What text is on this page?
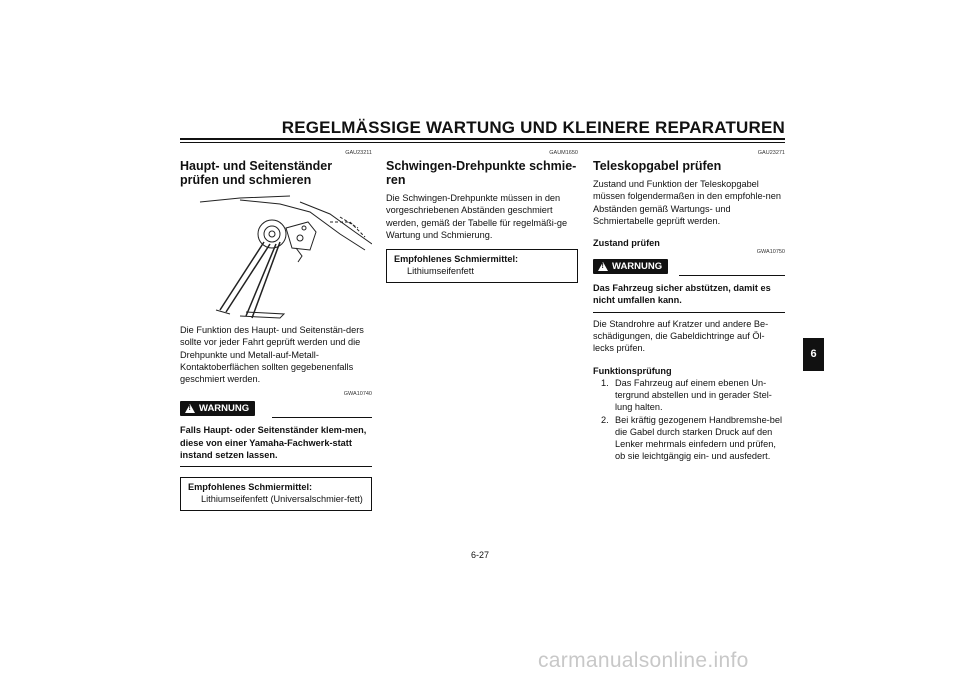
REGELMÄSSIGE WARTUNG UND KLEINERE REPARATUREN
GAU23211
Haupt- und Seitenständer prüfen und schmieren

Die Funktion des Haupt- und Seitenstän-ders sollte vor jeder Fahrt geprüft werden und die Drehpunkte und Metall-auf-Metall-Kontaktoberflächen sollten gegebenenfalls geschmiert werden.

GWA10740
! WARNUNG
Falls Haupt- oder Seitenständer klem-men, diese von einer Yamaha-Fachwerk-statt instand setzen lassen.
Empfohlenes Schmiermittel:
Lithiumseifenfett (Universalschmier-fett)
GAUM1650
Schwingen-Drehpunkte schmie-ren

Die Schwingen-Drehpunkte müssen in den vorgeschriebenen Abständen geschmiert werden, gemäß der Tabelle für regelmäßi-ge Wartung und Schmierung.

Empfohlenes Schmiermittel:
Lithiumseifenfett
GAU23271
Teleskopgabel prüfen

Zustand und Funktion der Teleskopgabel müssen folgendermaßen in den empfohle-nen Abständen gemäß Wartungs- und Schmiertabelle geprüft werden.

Zustand prüfen
GWA10750
! WARNUNG
Das Fahrzeug sicher abstützen, damit es nicht umfallen kann.

Die Standrohre auf Kratzer und andere Be-schädigungen, die Gabeldichtringe auf Öl-lecks prüfen.

Funktionsprüfung
1. Das Fahrzeug auf einem ebenen Un-tergrund abstellen und in gerader Stel-lung halten.
2. Bei kräftig gezogenem Handbremshe-bel die Gabel durch starken Druck auf den Lenker mehrmals einfedern und prüfen, ob sie leichtgängig ein- und ausfedert.
6
6-27
carmanualsonline.info
